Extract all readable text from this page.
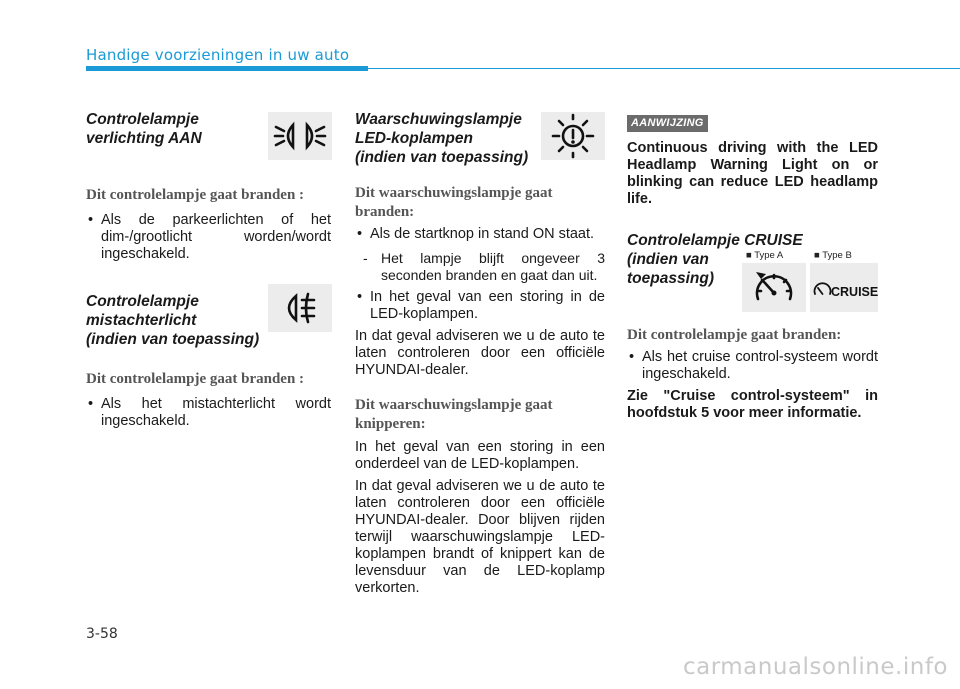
Handige voorzieningen in uw auto
Controlelampje
verlichting AAN
Dit controlelampje gaat branden :
• Als de parkeerlichten of het dim-/grootlicht worden/wordt ingeschakeld.
Controlelampje
mistachterlicht
(indien van toepassing)
Dit controlelampje gaat branden :
• Als het mistachterlicht wordt ingeschakeld.
Waarschuwingslampje
LED-koplampen
(indien van toepassing)
Dit waarschuwingslampje gaat
branden:
• Als de startknop in stand ON staat.
- Het lampje blijft ongeveer 3 seconden branden en gaat dan uit.
• In het geval van een storing in de LED-koplampen.
In dat geval adviseren we u de auto te laten controleren door een officiële HYUNDAI-dealer.
Dit waarschuwingslampje gaat
knipperen:
In het geval van een storing in een onderdeel van de LED-koplampen.
In dat geval adviseren we u de auto te laten controleren door een officiële HYUNDAI-dealer. Door blijven rijden terwijl waarschuwingslampje LED-koplampen brandt of knippert kan de levensduur van de LED-koplamp verkorten.
AANWIJZING
Continuous driving with the LED Headlamp Warning Light on or blinking can reduce LED headlamp life.
Controlelampje CRUISE
(indien van
toepassing)
Dit controlelampje gaat branden:
• Als het cruise control-systeem wordt ingeschakeld.
Zie "Cruise control-systeem" in hoofdstuk 5 voor meer informatie.
■ Type A	■ Type B
CRUISE
3-58
carmanualsonline.info
